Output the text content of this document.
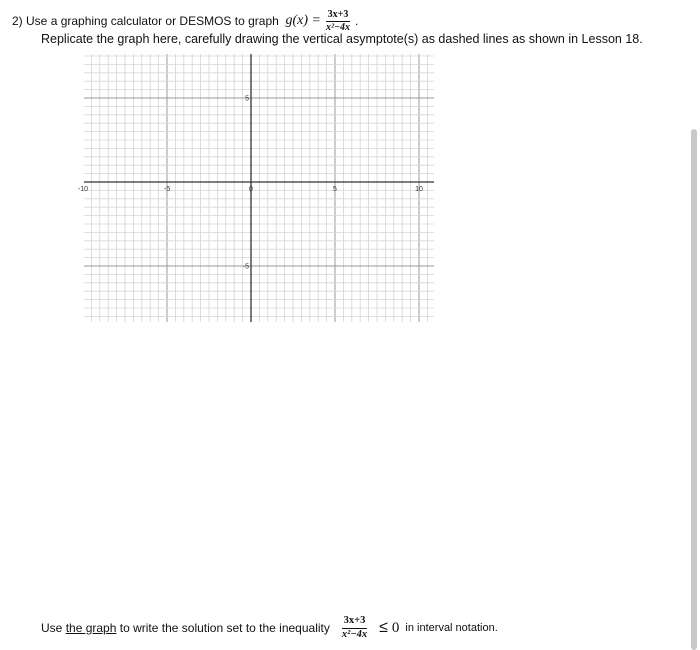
2)
Use a graphing calculator or DESMOS to graph
$g(x) = \frac{3x+3}{\text{x²−4x}}$ .
Replicate the graph here, carefully drawing the vertical asymptote(s) as dashed lines as shown in Lesson 18.
-10	-5	0	5	10
5
-5
Use
the graph
to write the solution set to the inequality $\frac{3x+3}{\text{x²−4x}} \le 0$ in interval notation.
